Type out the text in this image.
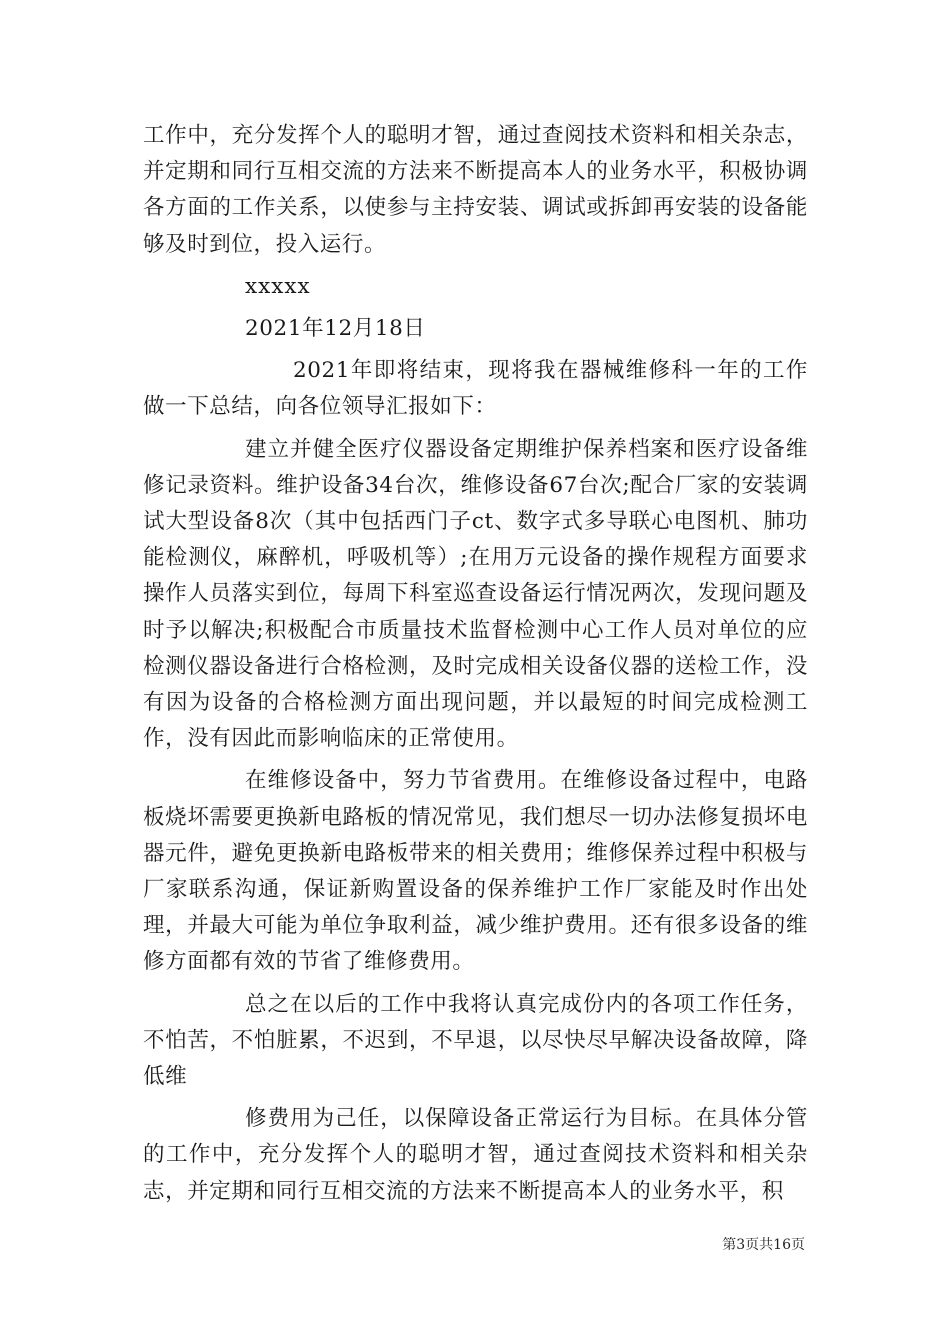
工作中，充分发挥个人的聪明才智，通过查阅技术资料和相关杂志，并定期和同行互相交流的方法来不断提高本人的业务水平，积极协调各方面的工作关系，以使参与主持安装、调试或拆卸再安装的设备能够及时到位，投入运行。

xxxxx

2021年12月18日

2021年即将结束，现将我在器械维修科一年的工作做一下总结，向各位领导汇报如下：

建立并健全医疗仪器设备定期维护保养档案和医疗设备维修记录资料。维护设备34台次，维修设备67台次;配合厂家的安装调试大型设备8次（其中包括西门子ct、数字式多导联心电图机、肺功能检测仪，麻醉机，呼吸机等）;在用万元设备的操作规程方面要求操作人员落实到位，每周下科室巡查设备运行情况两次，发现问题及时予以解决;积极配合市质量技术监督检测中心工作人员对单位的应检测仪器设备进行合格检测，及时完成相关设备仪器的送检工作，没有因为设备的合格检测方面出现问题，并以最短的时间完成检测工作，没有因此而影响临床的正常使用。

在维修设备中，努力节省费用。在维修设备过程中，电路板烧坏需要更换新电路板的情况常见，我们想尽一切办法修复损坏电器元件，避免更换新电路板带来的相关费用；维修保养过程中积极与厂家联系沟通，保证新购置设备的保养维护工作厂家能及时作出处理，并最大可能为单位争取利益，减少维护费用。还有很多设备的维修方面都有效的节省了维修费用。

总之在以后的工作中我将认真完成份内的各项工作任务，不怕苦，不怕脏累，不迟到，不早退，以尽快尽早解决设备故障，降低维

修费用为己任，以保障设备正常运行为目标。在具体分管的工作中，充分发挥个人的聪明才智，通过查阅技术资料和相关杂志，并定期和同行互相交流的方法来不断提高本人的业务水平，积

第3页共16页
